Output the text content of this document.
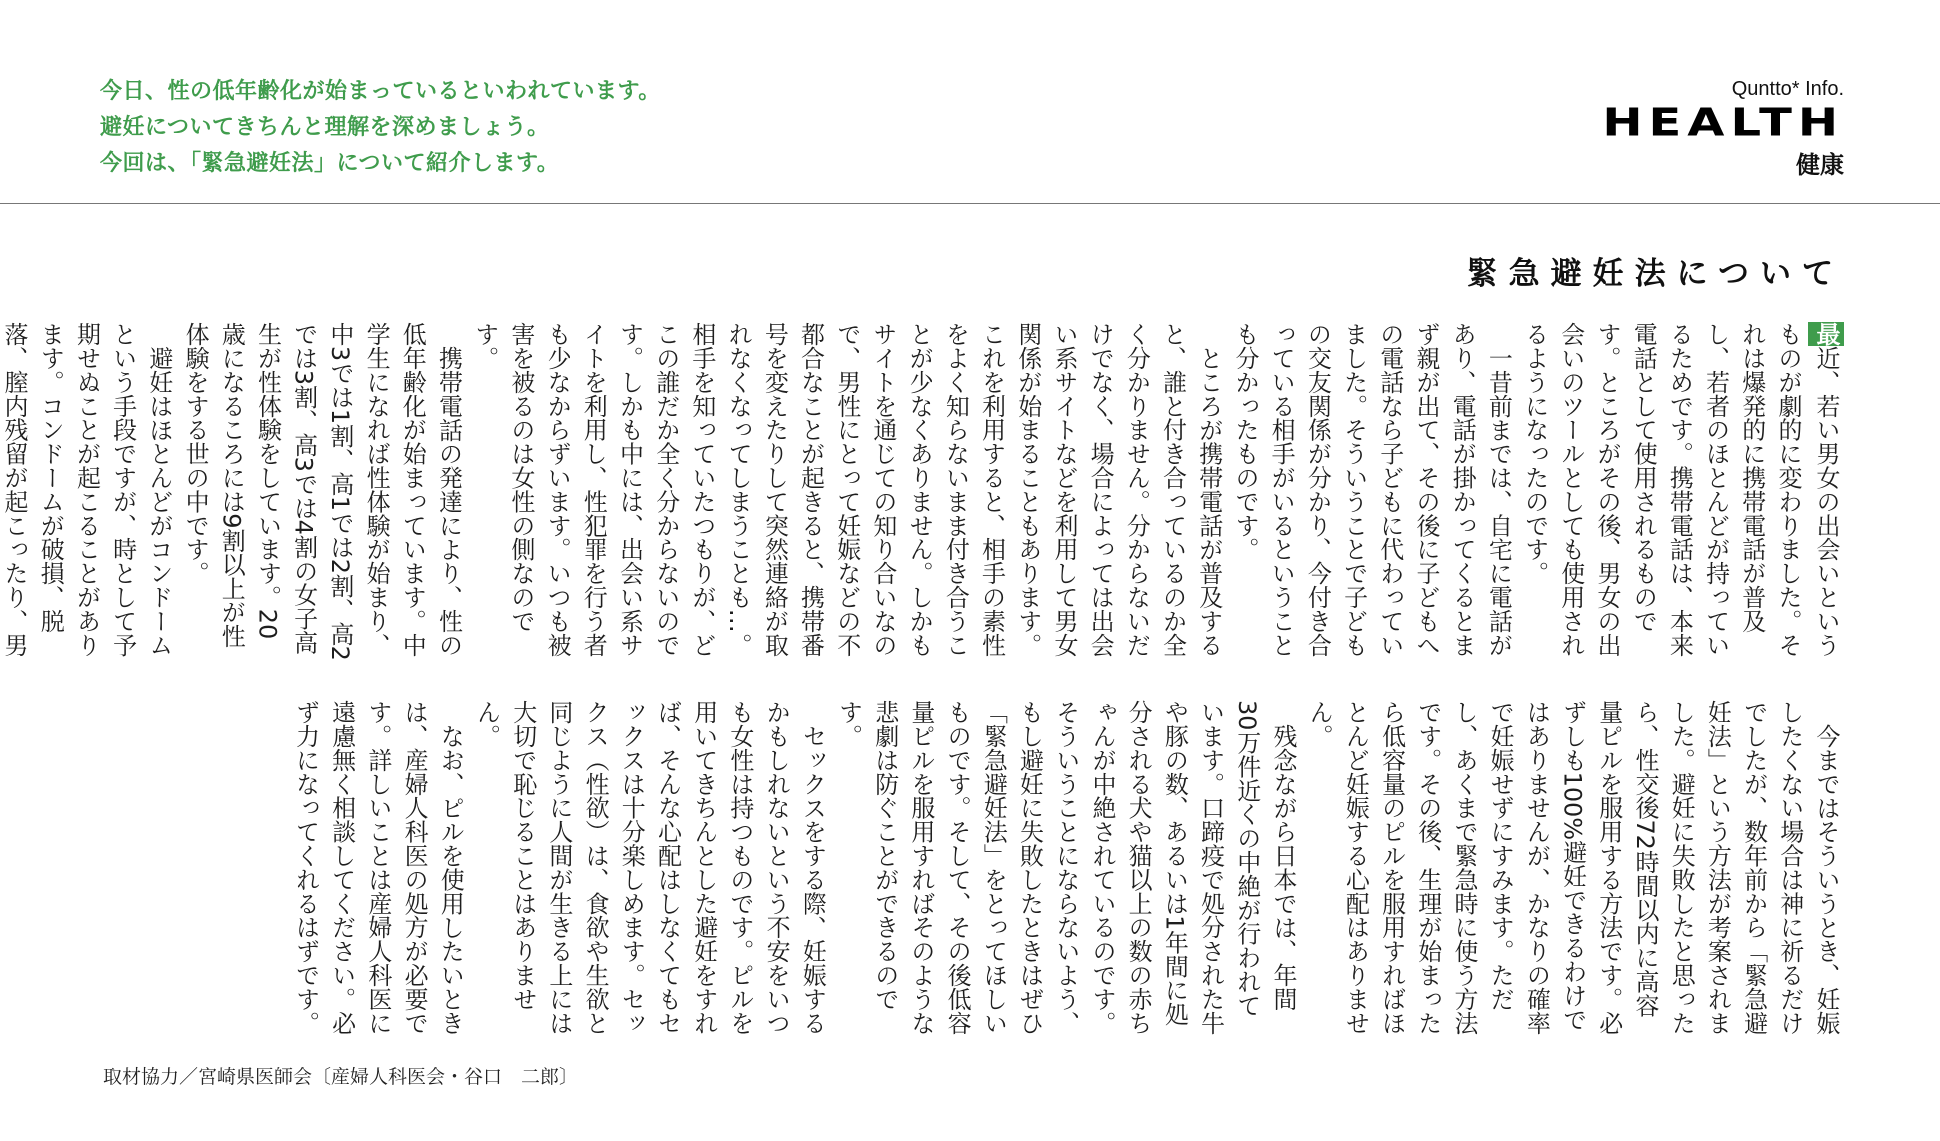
今日、性の低年齢化が始まっているといわれています。
避妊についてきちんと理解を深めましょう。
今回は、「緊急避妊法」について紹介します。
Quntto* Info.
HEALTH
健康
緊急避妊法について

最近、若い男女の出会いというものが劇的に変わりました。それは爆発的に携帯電話が普及し、若者のほとんどが持っているためです。携帯電話は、本来電話として使用されるものです。ところがその後、男女の出会いのツールとしても使用されるようになったのです。

一昔前までは、自宅に電話があり、電話が掛かってくるとまず親が出て、その後に子どもへの電話なら子どもに代わっていました。そういうことで子どもの交友関係が分かり、今付き合っている相手がいるということも分かったものです。

ところが携帯電話が普及すると、誰と付き合っているのか全く分かりません。分からないだけでなく、場合によっては出会い系サイトなどを利用して男女関係が始まることもあります。これを利用すると、相手の素性をよく知らないまま付き合うことが少なくありません。しかもサイトを通じての知り合いなので、男性にとって妊娠などの不都合なことが起きると、携帯番号を変えたりして突然連絡が取れなくなってしまうことも…。相手を知っていたつもりが、どこの誰だか全く分からないのです。しかも中には、出会い系サイトを利用し、性犯罪を行う者も少なからずいます。いつも被害を被るのは女性の側なのです。

携帯電話の発達により、性の低年齢化が始まっています。中学生になれば性体験が始まり、中3では1割、高1では2割、高2では3割、高3では4割の女子高生が性体験をしています。20歳になるころには9割以上が性体験をする世の中です。

避妊はほとんどがコンドームという手段ですが、時として予期せぬことが起こることがあります。コンドームが破損、脱落、膣内残留が起こったり、男

今まではそういうとき、妊娠したくない場合は神に祈るだけでしたが、数年前から「緊急避妊法」という方法が考案されました。避妊に失敗したと思ったら、性交後72時間以内に高容量ピルを服用する方法です。必ずしも100%避妊できるわけではありませんが、かなりの確率で妊娠せずにすみます。ただし、あくまで緊急時に使う方法です。その後、生理が始まったら低容量のピルを服用すればほとんど妊娠する心配はありません。

残念ながら日本では、年間30万件近くの中絶が行われています。口蹄疫で処分された牛や豚の数、あるいは1年間に処分される犬や猫以上の数の赤ちゃんが中絶されているのです。そういうことにならないよう、もし避妊に失敗したときはぜひ「緊急避妊法」をとってほしいものです。そして、その後低容量ピルを服用すればそのような悲劇は防ぐことができるのです。

セックスをする際、妊娠するかもしれないという不安をいつも女性は持つものです。ピルを用いてきちんとした避妊をすれば、そんな心配はしなくてもセックスは十分楽しめます。セックス（性欲）は、食欲や生欲と同じように人間が生きる上には大切で恥じることはありません。

なお、ピルを使用したいときは、産婦人科医の処方が必要です。詳しいことは産婦人科医に遠慮無く相談してください。必ず力になってくれるはずです。

取材協力／宮崎県医師会〔産婦人科医会・谷口　二郎〕
